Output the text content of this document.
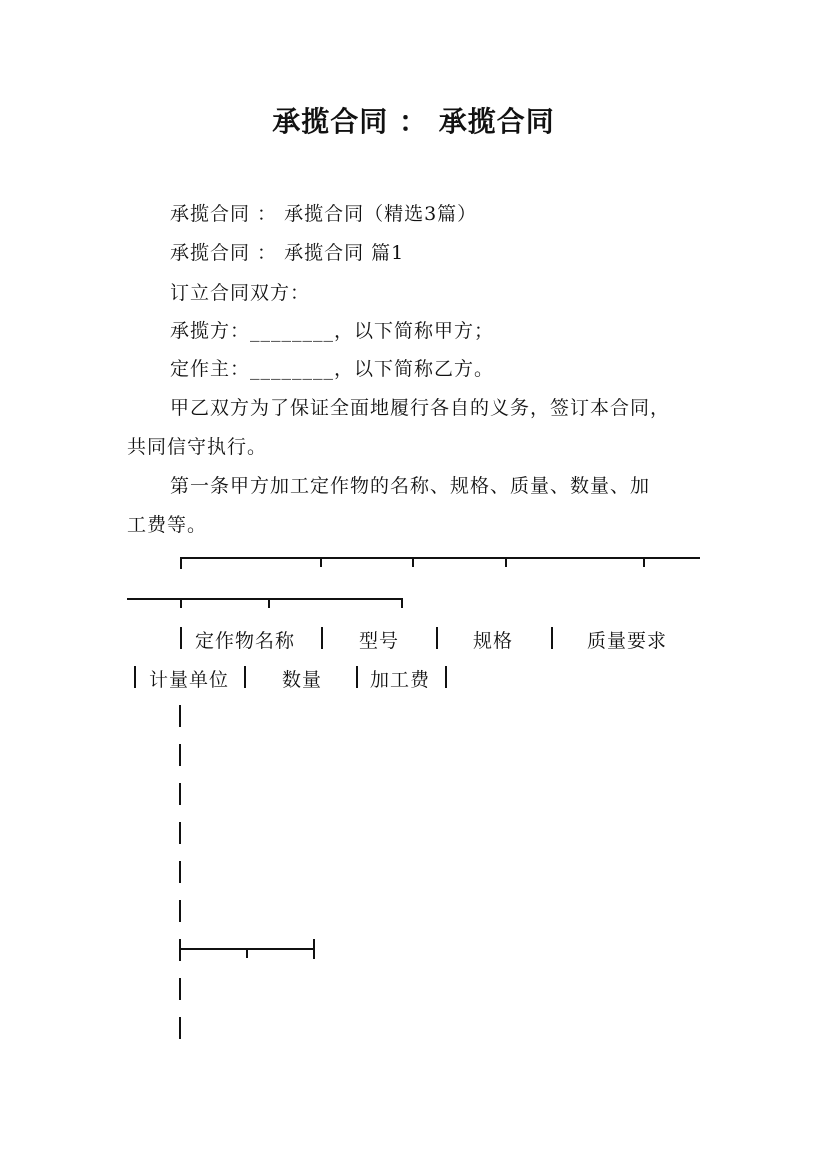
承揽合同 ： 承揽合同
承揽合同 ： 承揽合同（精选3篇）
承揽合同 ： 承揽合同 篇1
订立合同双方：
承揽方：________，以下简称甲方；
定作主：________，以下简称乙方。
甲乙双方为了保证全面地履行各自的义务，签订本合同，
共同信守执行。
第一条甲方加工定作物的名称、规格、质量、数量、加
工费等。
定作物名称	型号	规格	质量要求
计量单位	数量	加工费
